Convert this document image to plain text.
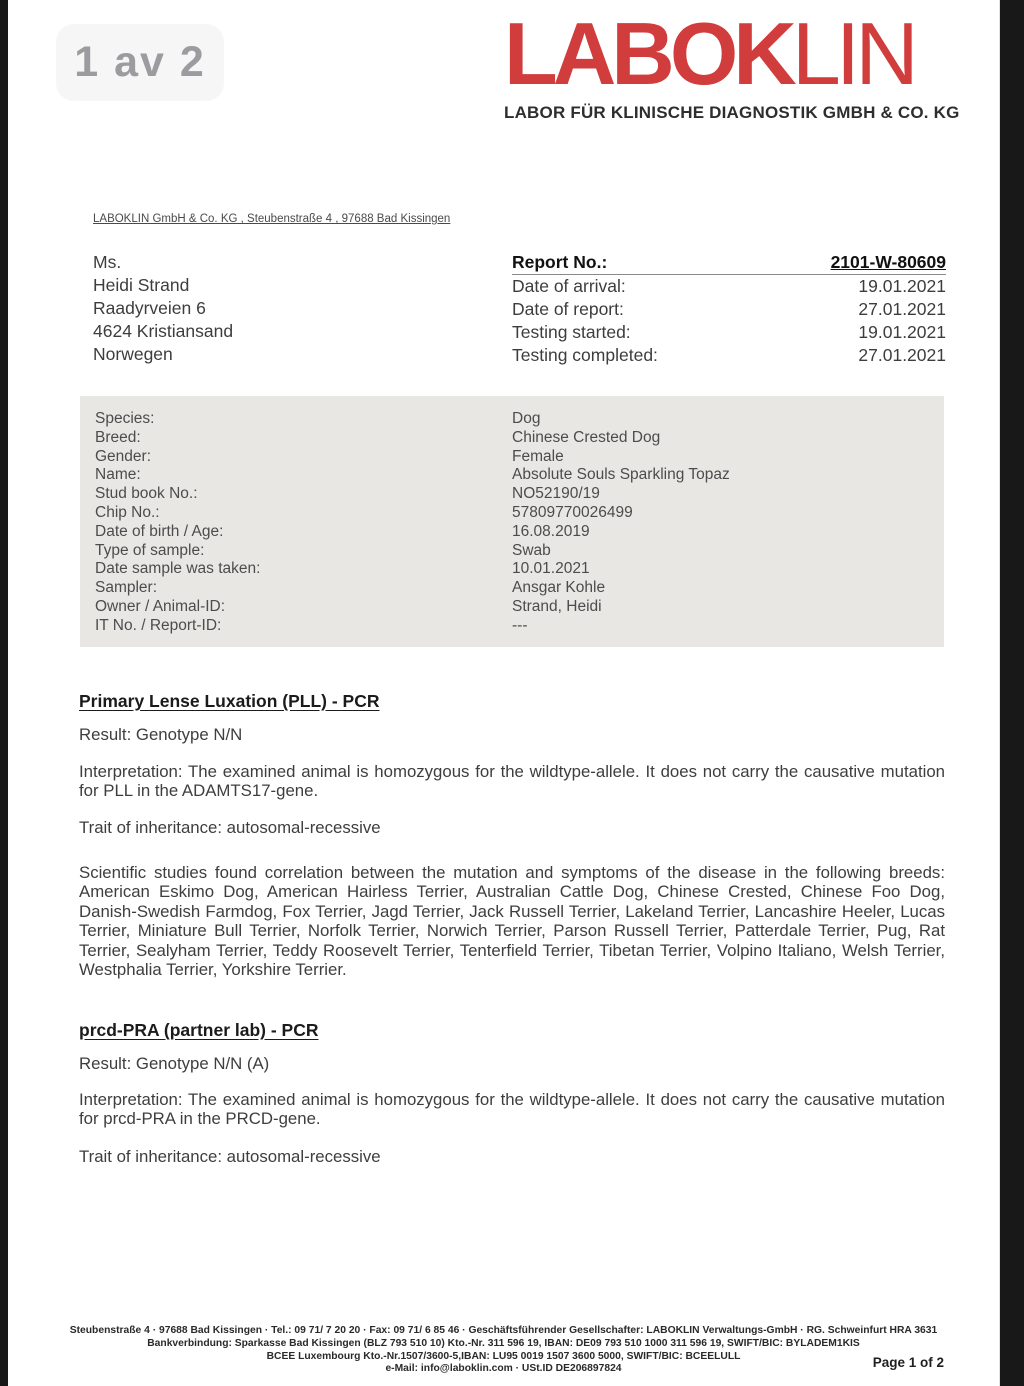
1 av 2	LABOKLIN
LABOR FÜR KLINISCHE DIAGNOSTIK GMBH & CO. KG
LABOKLIN GmbH & Co. KG , Steubenstraße 4 , 97688 Bad Kissingen
Ms.
Heidi Strand
Raadyrveien 6
4624 Kristiansand
Norwegen
Report No.:	2101-W-80609
Date of arrival:	19.01.2021
Date of report:	27.01.2021
Testing started:	19.01.2021
Testing completed:	27.01.2021
Species:	Dog
Breed:	Chinese Crested Dog
Gender:	Female
Name:	Absolute Souls Sparkling Topaz
Stud book No.:	NO52190/19
Chip No.:	57809770026499
Date of birth / Age:	16.08.2019
Type of sample:	Swab
Date sample was taken:	10.01.2021
Sampler:	Ansgar Kohle
Owner / Animal-ID:	Strand, Heidi
IT No. / Report-ID:	---
Primary Lense Luxation (PLL) - PCR
Result: Genotype N/N
Interpretation: The examined animal is homozygous for the wildtype-allele. It does not carry the causative mutation for PLL in the ADAMTS17-gene.
Trait of inheritance: autosomal-recessive
Scientific studies found correlation between the mutation and symptoms of the disease in the following breeds: American Eskimo Dog, American Hairless Terrier, Australian Cattle Dog, Chinese Crested, Chinese Foo Dog, Danish-Swedish Farmdog, Fox Terrier, Jagd Terrier, Jack Russell Terrier, Lakeland Terrier, Lancashire Heeler, Lucas Terrier, Miniature Bull Terrier, Norfolk Terrier, Norwich Terrier, Parson Russell Terrier, Patterdale Terrier, Pug, Rat Terrier, Sealyham Terrier, Teddy Roosevelt Terrier, Tenterfield Terrier, Tibetan Terrier, Volpino Italiano, Welsh Terrier, Westphalia Terrier, Yorkshire Terrier.
prcd-PRA (partner lab) - PCR
Result: Genotype N/N (A)
Interpretation: The examined animal is homozygous for the wildtype-allele. It does not carry the causative mutation for prcd-PRA in the PRCD-gene.
Trait of inheritance: autosomal-recessive
Steubenstraße 4 · 97688 Bad Kissingen · Tel.: 09 71/ 7 20 20 · Fax: 09 71/ 6 85 46 · Geschäftsführender Gesellschafter: LABOKLIN Verwaltungs-GmbH · RG. Schweinfurt HRA 3631
Bankverbindung: Sparkasse Bad Kissingen (BLZ 793 510 10) Kto.-Nr. 311 596 19, IBAN: DE09 793 510 1000 311 596 19, SWIFT/BIC: BYLADEM1KIS
BCEE Luxembourg Kto.-Nr.1507/3600-5,IBAN: LU95 0019 1507 3600 5000, SWIFT/BIC: BCEELULL
e-Mail: info@laboklin.com · USt.ID DE206897824	Page 1 of 2
